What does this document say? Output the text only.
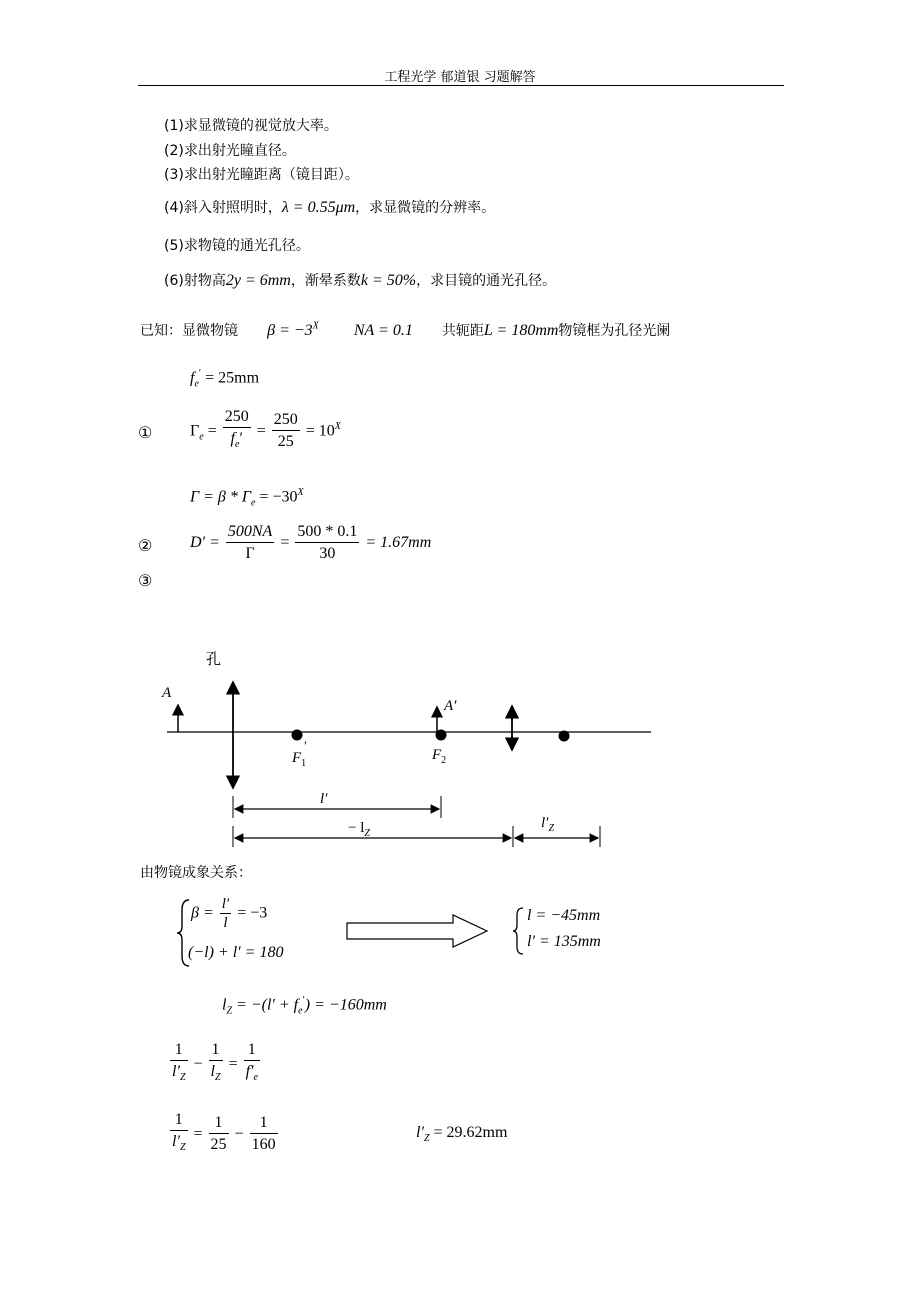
工程光学 郁道银 习题解答
(1)求显微镜的视觉放大率。
(2)求出射光瞳直径。
(3)求出射光瞳距离（镜目距）。
(4)斜入射照明时，λ = 0.55μm，求显微镜的分辨率。
(5)求物镜的通光孔径。
(6)射物高2y = 6mm，渐晕系数k = 50%，求目镜的通光孔径。
已知：显微物镜 $\beta = -3^X$ NA = 0.1 共轭距L = 180mm物镜框为孔径光阑
$f_e' = 25mm$
① $\Gamma_e = \frac{250}{f_e'} = \frac{250}{25} = 10^X$
$\Gamma = \beta * \Gamma_e = -30^X$
② $D' = \frac{500NA}{\Gamma} = \frac{500 * 0.1}{30} = 1.67mm$
③
A
孔
$F_1'$
A′
$F_2$
l′
− $l_Z$
$l'_Z$
由物镜成象关系：
$\beta = \frac{l'}{l} = -3$
(−l) + l′ = 180
l = −45mm
l′ = 135mm
$l_Z = -(l' + f_e') = -160mm$
$\frac{1}{l'_Z} - \frac{1}{l_Z} = \frac{1}{f'_e}$
$\frac{1}{l'_Z} = \frac{1}{25} - \frac{1}{160}$	$l'_Z = 29.62mm$
